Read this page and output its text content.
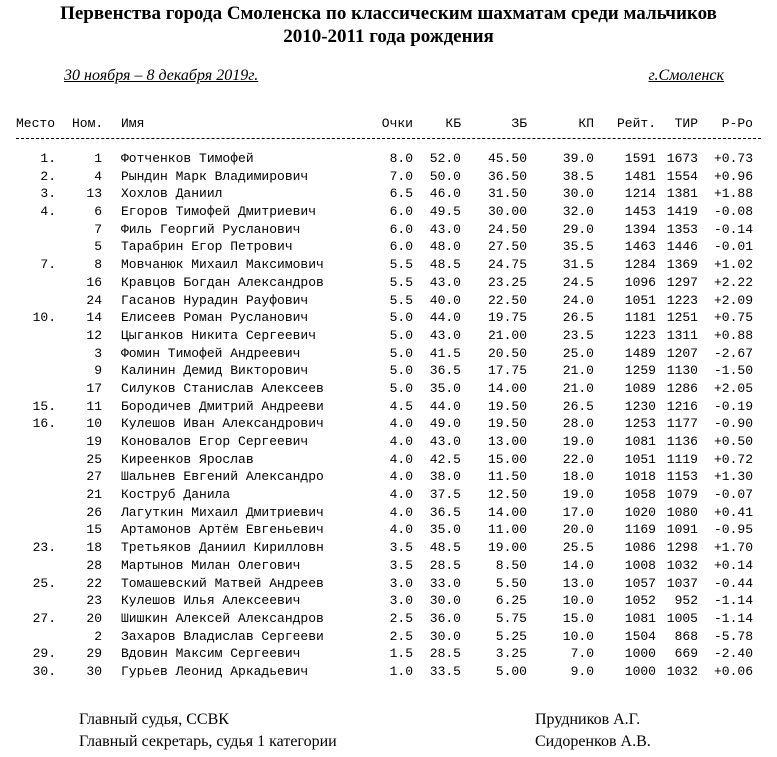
Первенства города Смоленска по классическим шахматам среди мальчиков
2010-2011 года рождения
30 ноября – 8 декабря 2019г.	г.Смоленск
Место Ном. Имя	Очки	КБ	ЗБ	КП	Рейт.	ТИР	Р-Ро
1.	1 Фотченков Тимофей	8.0	52.0	45.50	39.0	1591 1673	+0.73
2.	4 Рындин Марк Владимирович	7.0	50.0	36.50	38.5	1481 1554	+0.96
3.	13 Хохлов Даниил	6.5	46.0	31.50	30.0	1214 1381	+1.88
4.	6 Егоров Тимофей Дмитриевич	6.0	49.5	30.00	32.0	1453 1419	-0.08
7 Филь Георгий Русланович	6.0	43.0	24.50	29.0	1394 1353	-0.14
5 Тарабрин Егор Петрович	6.0	48.0	27.50	35.5	1463 1446	-0.01
7.	8 Мовчанюк Михаил Максимович	5.5	48.5	24.75	31.5	1284 1369	+1.02
16 Кравцов Богдан Александров	5.5	43.0	23.25	24.5	1096 1297	+2.22
24 Гасанов Нурадин Рауфович	5.5	40.0	22.50	24.0	1051 1223	+2.09
10.	14 Елисеев Роман Русланович	5.0	44.0	19.75	26.5	1181 1251	+0.75
12 Цыганков Никита Сергеевич	5.0	43.0	21.00	23.5	1223 1311	+0.88
3 Фомин Тимофей Андреевич	5.0	41.5	20.50	25.0	1489 1207	-2.67
9 Калинин Демид Викторович	5.0	36.5	17.75	21.0	1259 1130	-1.50
17 Силуков Станислав Алексеев	5.0	35.0	14.00	21.0	1089 1286	+2.05
15.	11 Бородичев Дмитрий Андрееви	4.5	44.0	19.50	26.5	1230 1216	-0.19
16.	10 Кулешов Иван Александрович	4.0	49.0	19.50	28.0	1253 1177	-0.90
19 Коновалов Егор Сергеевич	4.0	43.0	13.00	19.0	1081 1136	+0.50
25 Киреенков Ярослав	4.0	42.5	15.00	22.0	1051 1119	+0.72
27 Шальнев Евгений Александро	4.0	38.0	11.50	18.0	1018 1153	+1.30
21 Коструб Данила	4.0	37.5	12.50	19.0	1058 1079	-0.07
26 Лагуткин Михаил Дмитриевич	4.0	36.5	14.00	17.0	1020 1080	+0.41
15 Артамонов Артём Евгеньевич	4.0	35.0	11.00	20.0	1169 1091	-0.95
23.	18 Третьяков Даниил Кирилловн	3.5	48.5	19.00	25.5	1086 1298	+1.70
28 Мартынов Милан Олегович	3.5	28.5	8.50	14.0	1008 1032	+0.14
25.	22 Томашевский Матвей Андреев	3.0	33.0	5.50	13.0	1057 1037	-0.44
23 Кулешов Илья Алексеевич	3.0	30.0	6.25	10.0	1052	952	-1.14
27.	20 Шишкин Алексей Александров	2.5	36.0	5.75	15.0	1081 1005	-1.14
2 Захаров Владислав Сергееви	2.5	30.0	5.25	10.0	1504	868	-5.78
29.	29 Вдовин Максим Сергеевич	1.5	28.5	3.25	7.0	1000	669	-2.40
30.	30 Гурьев Леонид Аркадьевич	1.0	33.5	5.00	9.0	1000 1032	+0.06
Главный судья, ССВК	Прудников А.Г.
Главный секретарь, судья 1 категории	Сидоренков А.В.
